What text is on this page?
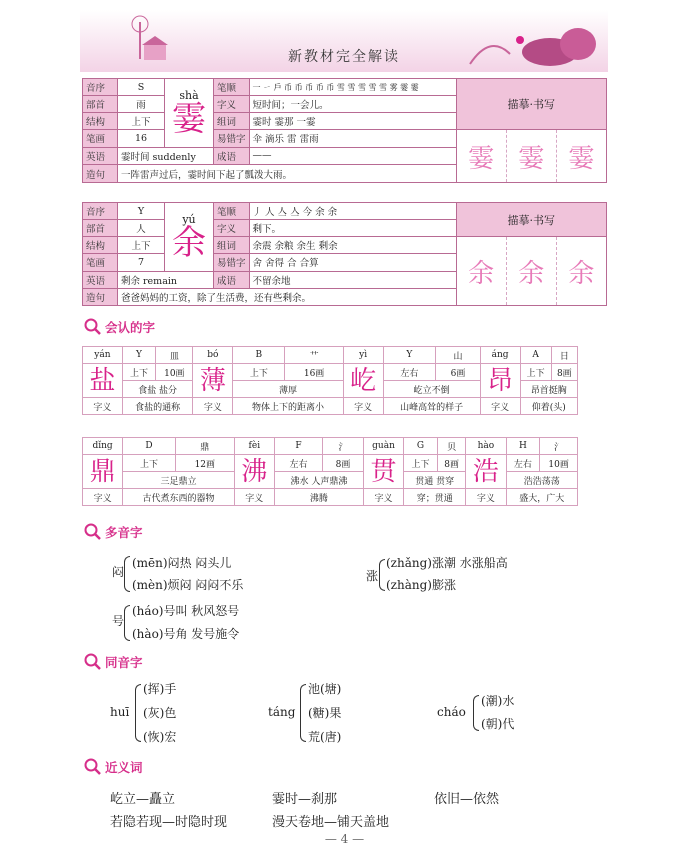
新教材完全解读
音序	S	shà
霎	笔顺	一 ㄧ 戶 币 币 币 币 币 雪 雪 雪 雪 雪 雾 霎 霎	描摹·书写
部首	雨		字义	短时间；一会儿。	
结构	上下		组词	霎时 霎那 一霎	
笔画	16		易错字	伞 滴乐 雷 雷雨	霎 霎 霎

英语	霎时间 suddenly		成语	——	
造句	一阵雷声过后，霎时间下起了瓢泼大雨。				
音序	Y	yú
余	笔顺	丿 人 亼 亼 今 余 余	描摹·书写
部首	人		字义	剩下。	
结构	上下		组词	余震 余粮 余生 剩余	余 余 余

笔画	7		易错字	舍 舍得 合 合算	
英语	剩余 remain		成语	不留余地	
造句	爸爸妈妈的工资，除了生活费，还有些剩余。				
会认的字
yán	Y	皿	bó	B	艹	yì	Y	山	áng	A	日
盐	上下	10画	薄	上下	16画	屹	左右	6画	昂	上下	8画
	食盐 盐分			薄厚			屹立不倒			昂首挺胸	
字义	食盐的通称		字义	物体上下的距离小		字义	山峰高耸的样子		字义	仰着(头)	
dǐng	D	鼎	fèi	F	氵	guàn	G	贝	hào	H	氵
鼎	上下	12画	沸	左右	8画	贯	上下	8画	浩	左右	10画
	三足鼎立			沸水 人声鼎沸			贯通 贯穿			浩浩荡荡	
字义	古代煮东西的器物		字义	沸腾		字义	穿；贯通		字义	盛大，广大	
多音字
闷
(mēn)闷热 闷头儿
(mèn)烦闷 闷闷不乐
涨
(zhǎng)涨潮 水涨船高
(zhàng)膨涨
号
(háo)号叫 秋风怒号
(hào)号角 发号施令
同音字
huī
(挥)手
(灰)色
(恢)宏
táng
池(塘)
(糖)果
荒(唐)
cháo
(潮)水
(朝)代
近义词
屹立—矗立	霎时—刹那	依旧—依然
若隐若现—时隐时现	漫天卷地—铺天盖地
— 4 —
